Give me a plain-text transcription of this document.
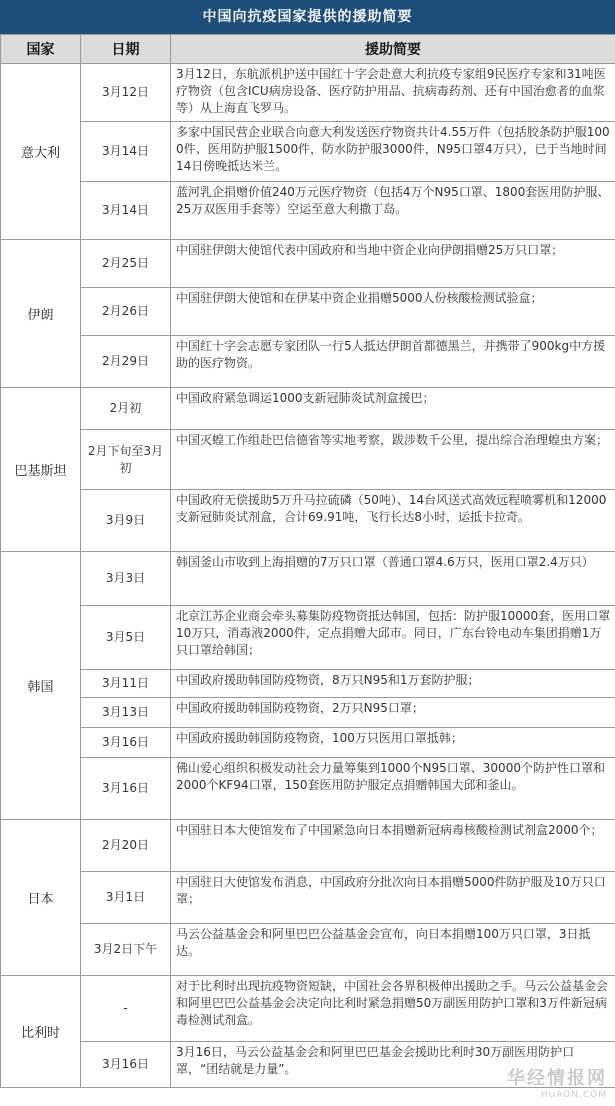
中国向抗疫国家提供的援助简要
国家	日期	援助简要
意大利	3月12日	3月12日，东航派机护送中国红十字会赴意大利抗疫专家组9民医疗专家和31吨医疗物资（包含ICU病房设备、医疗防护用品、抗病毒药剂、还有中国治愈者的血浆等）从上海直飞罗马。
	3月14日	多家中国民营企业联合向意大利发送医疗物资共计4.55万件（包括胶条防护服1000件、医用防护服1500件，防水防护服3000件，N95口罩4万只），已于当地时间14日傍晚抵达米兰。
	3月14日	蓝河乳企捐赠价值240万元医疗物资（包括4万个N95口罩、1800套医用防护服、25万双医用手套等）空运至意大利撒丁岛。
伊朗	2月25日	中国驻伊朗大使馆代表中国政府和当地中资企业向伊朗捐赠25万只口罩；
	2月26日	中国驻伊朗大使馆和在伊某中资企业捐赠5000人份核酸检测试验盒；
	2月29日	中国红十字会志愿专家团队一行5人抵达伊朗首都德黑兰，并携带了900kg中方援助的医疗物资。
巴基斯坦	2月初	中国政府紧急调运1000支新冠肺炎试剂盒援巴；
	2月下旬至3月初	中国灭蝗工作组赴巴信德省等实地考察，跋涉数千公里，提出综合治理蝗虫方案；
	3月9日	中国政府无偿援助5万升马拉硫磷（50吨）、14台风送式高效远程喷雾机和12000支新冠肺炎试剂盒，合计69.91吨，飞行长达8小时，运抵卡拉奇。
韩国	3月3日	韩国釜山市收到上海捐赠的7万只口罩（普通口罩4.6万只，医用口罩2.4万只）
	3月5日	北京江苏企业商会牵头募集防疫物资抵达韩国，包括：防护服10000套，医用口罩10万只，消毒液2000件，定点捐赠大邱市。同日，广东台铃电动车集团捐赠1万只口罩给韩国；
	3月11日	中国政府援助韩国防疫物资，8万只N95和1万套防护服；
	3月13日	中国政府援助韩国防疫物资，2万只N95口罩；
	3月16日	中国政府援助韩国防疫物资，100万只医用口罩抵韩；
	3月16日	佛山爱心组织积极发动社会力量筹集到1000个N95口罩、30000个防护性口罩和2000个KF94口罩，150套医用防护服定点捐赠韩国大邱和釜山。
日本	2月20日	中国驻日本大使馆发布了中国紧急向日本捐赠新冠病毒核酸检测试剂盒2000个；
	3月1日	中国驻日大使馆发布消息，中国政府分批次向日本捐赠5000件防护服及10万只口罩；
	3月2日下午	马云公益基金会和阿里巴巴公益基金会宣布，向日本捐赠100万只口罩，3日抵达。
比利时	-	对于比利时出现抗疫物资短缺，中国社会各界积极伸出援助之手。马云公益基金会和阿里巴巴公益基金会决定向比利时紧急捐赠50万副医用防护口罩和3万件新冠病毒检测试剂盒。
	3月16日	3月16日，马云公益基金会和阿里巴巴基金会援助比利时30万副医用防护口罩，“团结就是力量”。	华经情报网
HUAON.COM
